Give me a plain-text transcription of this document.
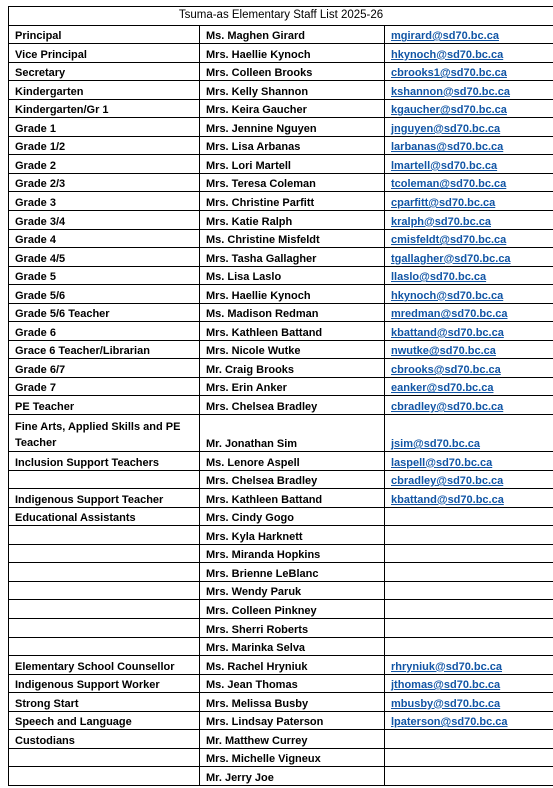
Tsuma-as Elementary Staff List 2025-26		
Principal	Ms. Maghen Girard	mgirard@sd70.bc.ca
Vice Principal	Mrs. Haellie Kynoch	hkynoch@sd70.bc.ca
Secretary	Mrs. Colleen Brooks	cbrooks1@sd70.bc.ca
Kindergarten	Mrs. Kelly Shannon	kshannon@sd70.bc.ca
Kindergarten/Gr 1	Mrs. Keira Gaucher	kgaucher@sd70.bc.ca
Grade 1	Mrs. Jennine Nguyen	jnguyen@sd70.bc.ca
Grade 1/2	Mrs. Lisa Arbanas	larbanas@sd70.bc.ca
Grade 2	Mrs. Lori Martell	lmartell@sd70.bc.ca
Grade 2/3	Mrs. Teresa Coleman	tcoleman@sd70.bc.ca
Grade 3	Mrs. Christine Parfitt	cparfitt@sd70.bc.ca
Grade 3/4	Mrs. Katie Ralph	kralph@sd70.bc.ca
Grade 4	Ms. Christine Misfeldt	cmisfeldt@sd70.bc.ca
Grade 4/5	Mrs. Tasha Gallagher	tgallagher@sd70.bc.ca
Grade 5	Ms. Lisa Laslo	llaslo@sd70.bc.ca
Grade 5/6	Mrs. Haellie Kynoch	hkynoch@sd70.bc.ca
Grade 5/6 Teacher	Ms. Madison Redman	mredman@sd70.bc.ca
Grade 6	Mrs. Kathleen Battand	kbattand@sd70.bc.ca
Grace 6 Teacher/Librarian	Mrs. Nicole Wutke	nwutke@sd70.bc.ca
Grade 6/7	Mr. Craig Brooks	cbrooks@sd70.bc.ca
Grade 7	Mrs. Erin Anker	eanker@sd70.bc.ca
PE Teacher	Mrs. Chelsea Bradley	cbradley@sd70.bc.ca
Fine Arts, Applied Skills and PE Teacher	Mr. Jonathan Sim	jsim@sd70.bc.ca
Inclusion Support Teachers	Ms. Lenore Aspell	laspell@sd70.bc.ca
	Mrs. Chelsea Bradley	cbradley@sd70.bc.ca
Indigenous Support Teacher	Mrs. Kathleen Battand	kbattand@sd70.bc.ca
Educational Assistants	Mrs. Cindy Gogo	
	Mrs. Kyla Harknett	
	Mrs. Miranda Hopkins	
	Mrs. Brienne LeBlanc	
	Mrs. Wendy Paruk	
	Mrs. Colleen Pinkney	
	Mrs. Sherri Roberts	
	Mrs. Marinka Selva	
Elementary School Counsellor	Ms. Rachel Hryniuk	rhryniuk@sd70.bc.ca
Indigenous Support Worker	Ms. Jean Thomas	jthomas@sd70.bc.ca
Strong Start	Mrs. Melissa Busby	mbusby@sd70.bc.ca
Speech and Language	Mrs. Lindsay Paterson	lpaterson@sd70.bc.ca
Custodians	Mr. Matthew Currey	
	Mrs. Michelle Vigneux	
	Mr. Jerry Joe	
